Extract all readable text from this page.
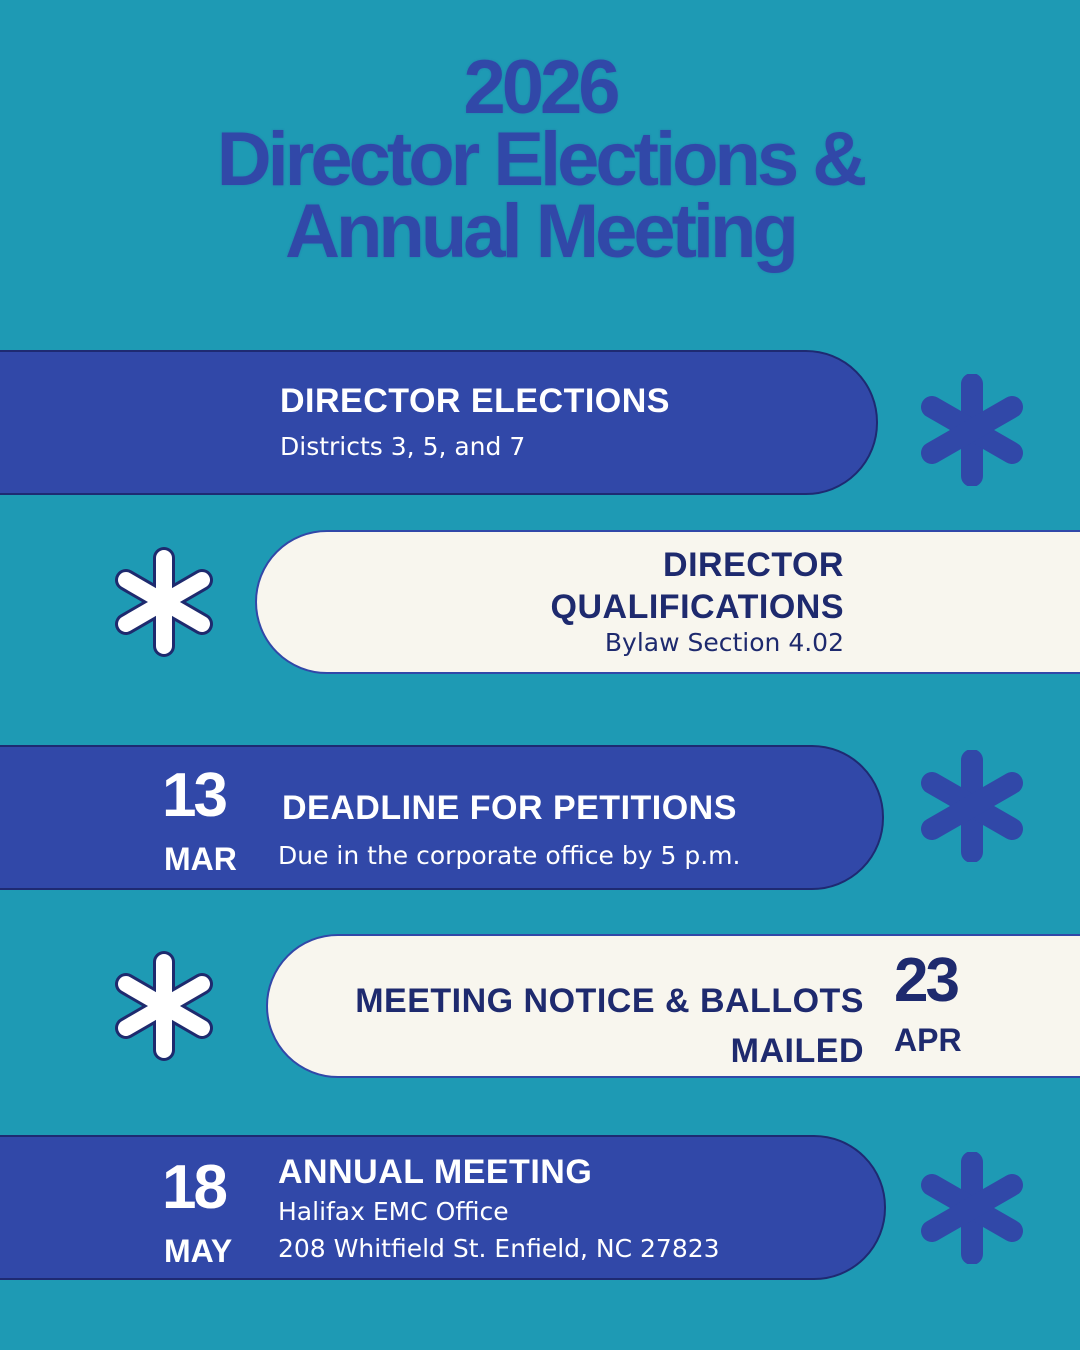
2026
Director Elections &
Annual Meeting
DIRECTOR ELECTIONS
Districts 3, 5, and 7
DIRECTOR
QUALIFICATIONS
Bylaw Section 4.02
13
MAR
DEADLINE FOR PETITIONS
Due in the corporate office by 5 p.m.
MEETING NOTICE & BALLOTS
MAILED
23
APR
18
MAY
ANNUAL MEETING
Halifax EMC Office
208 Whitfield St. Enfield, NC 27823
